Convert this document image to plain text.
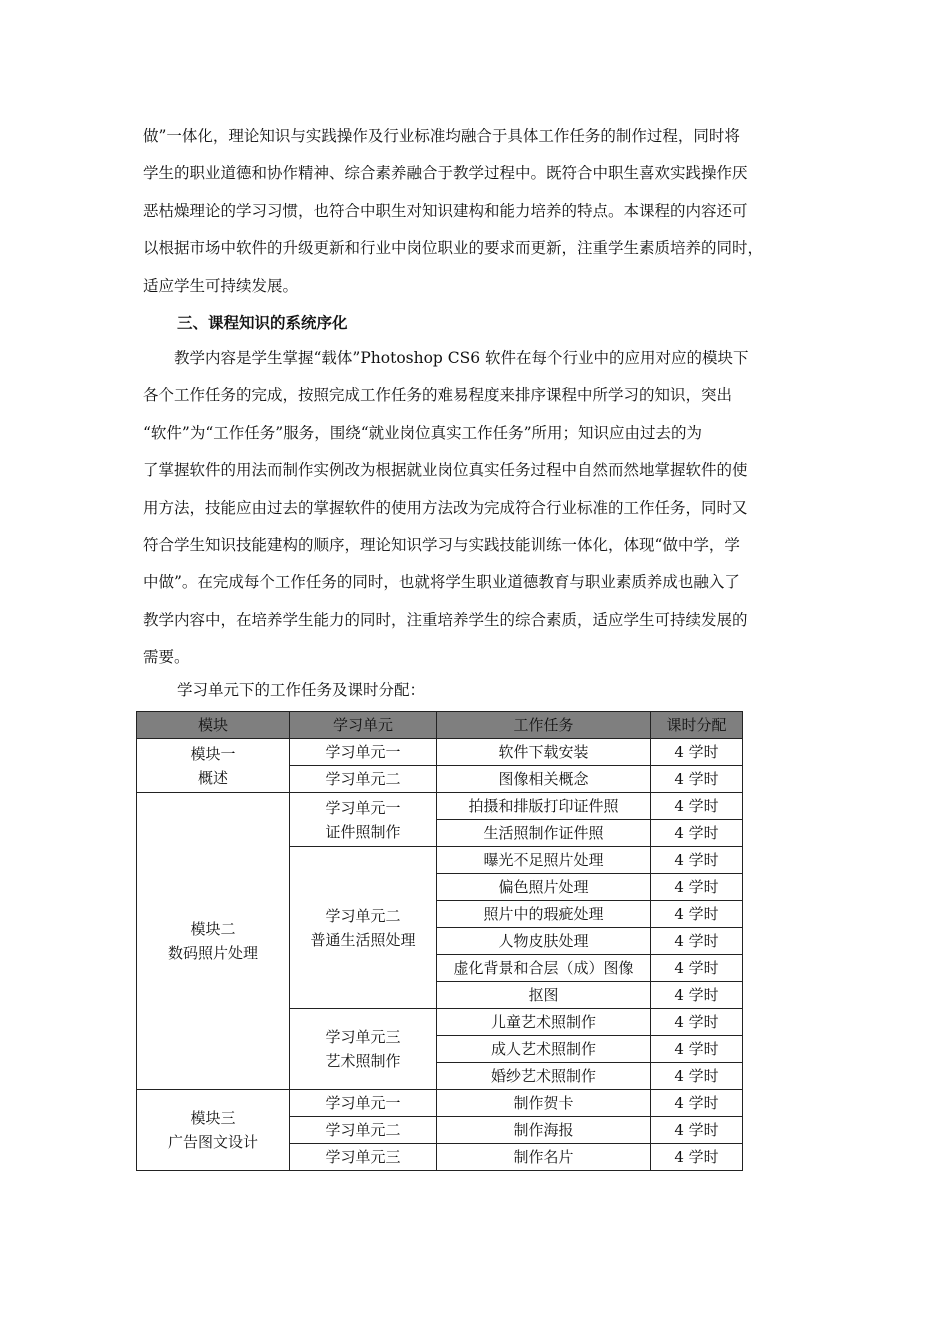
做”一体化，理论知识与实践操作及行业标准均融合于具体工作任务的制作过程，同时将
学生的职业道德和协作精神、综合素养融合于教学过程中。既符合中职生喜欢实践操作厌
恶枯燥理论的学习习惯，也符合中职生对知识建构和能力培养的特点。本课程的内容还可
以根据市场中软件的升级更新和行业中岗位职业的要求而更新，注重学生素质培养的同时，
适应学生可持续发展。

三、课程知识的系统序化

　　教学内容是学生掌握“载体”Photoshop CS6 软件在每个行业中的应用对应的模块下
各个工作任务的完成，按照完成工作任务的难易程度来排序课程中所学习的知识，突出
“软件”为“工作任务”服务，围绕“就业岗位真实工作任务”所用；知识应由过去的为
了掌握软件的用法而制作实例改为根据就业岗位真实任务过程中自然而然地掌握软件的使
用方法，技能应由过去的掌握软件的使用方法改为完成符合行业标准的工作任务，同时又
符合学生知识技能建构的顺序，理论知识学习与实践技能训练一体化，体现“做中学，学
中做”。在完成每个工作任务的同时，也就将学生职业道德教育与职业素质养成也融入了
教学内容中，在培养学生能力的同时，注重培养学生的综合素质，适应学生可持续发展的
需要。

学习单元下的工作任务及课时分配：

模块	学习单元	工作任务	课时分配

模块一
概述	学习单元一	软件下载安装	4 学时
	学习单元二	图像相关概念	4 学时

模块二
数码照片处理	学习单元一
证件照制作	拍摄和排版打印证件照	4 学时
		生活照制作证件照	4 学时

	学习单元二
普通生活照处理	曝光不足照片处理	4 学时
		偏色照片处理	4 学时
		照片中的瑕疵处理	4 学时
		人物皮肤处理	4 学时
		虚化背景和合层（成）图像	4 学时
		抠图	4 学时

	学习单元三
艺术照制作	儿童艺术照制作	4 学时
		成人艺术照制作	4 学时
		婚纱艺术照制作	4 学时

模块三
广告图文设计	学习单元一	制作贺卡	4 学时
	学习单元二	制作海报	4 学时
	学习单元三	制作名片	4 学时
